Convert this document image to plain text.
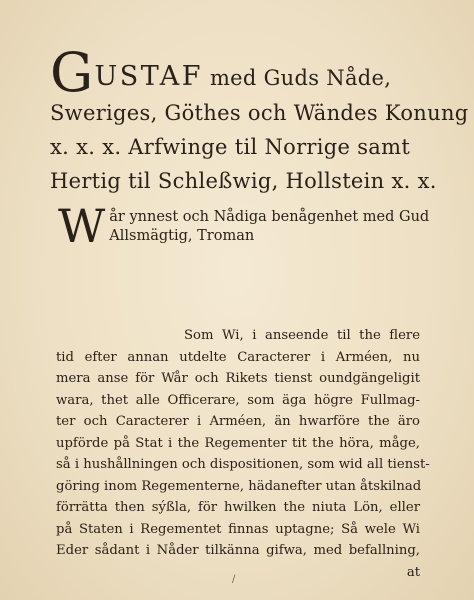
GUSTAF med Guds Nåde,
Sweriges, Göthes och Wändes Konung
x. x. x. Arfwinge til Norrige samt
Hertig til Schleßwig, Hollstein x. x.
W år ynnest och Nådiga benågenhet med Gud
Allsmägtig, Troman
Som Wi, i anseende til the flere
tid efter annan utdelte Caracterer i Arméen, nu
mera anse för Wår och Rikets tienst oundgängeligit
wara, thet alle Officerare, som äga högre Fullmag-
ter och Caracterer i Arméen, än hwarföre the äro
upförde på Stat i the Regementer tit the höra, måge,
så i hushållningen och dispositionen, som wid all tienst-
göring inom Regementerne, hädanefter utan åtskilnad
förrätta then sýßla, för hwilken the niuta Lön, eller
på Staten i Regementet finnas uptagne; Så wele Wi
Eder sådant i Nåder tilkänna gifwa, med befallning,
at
/
